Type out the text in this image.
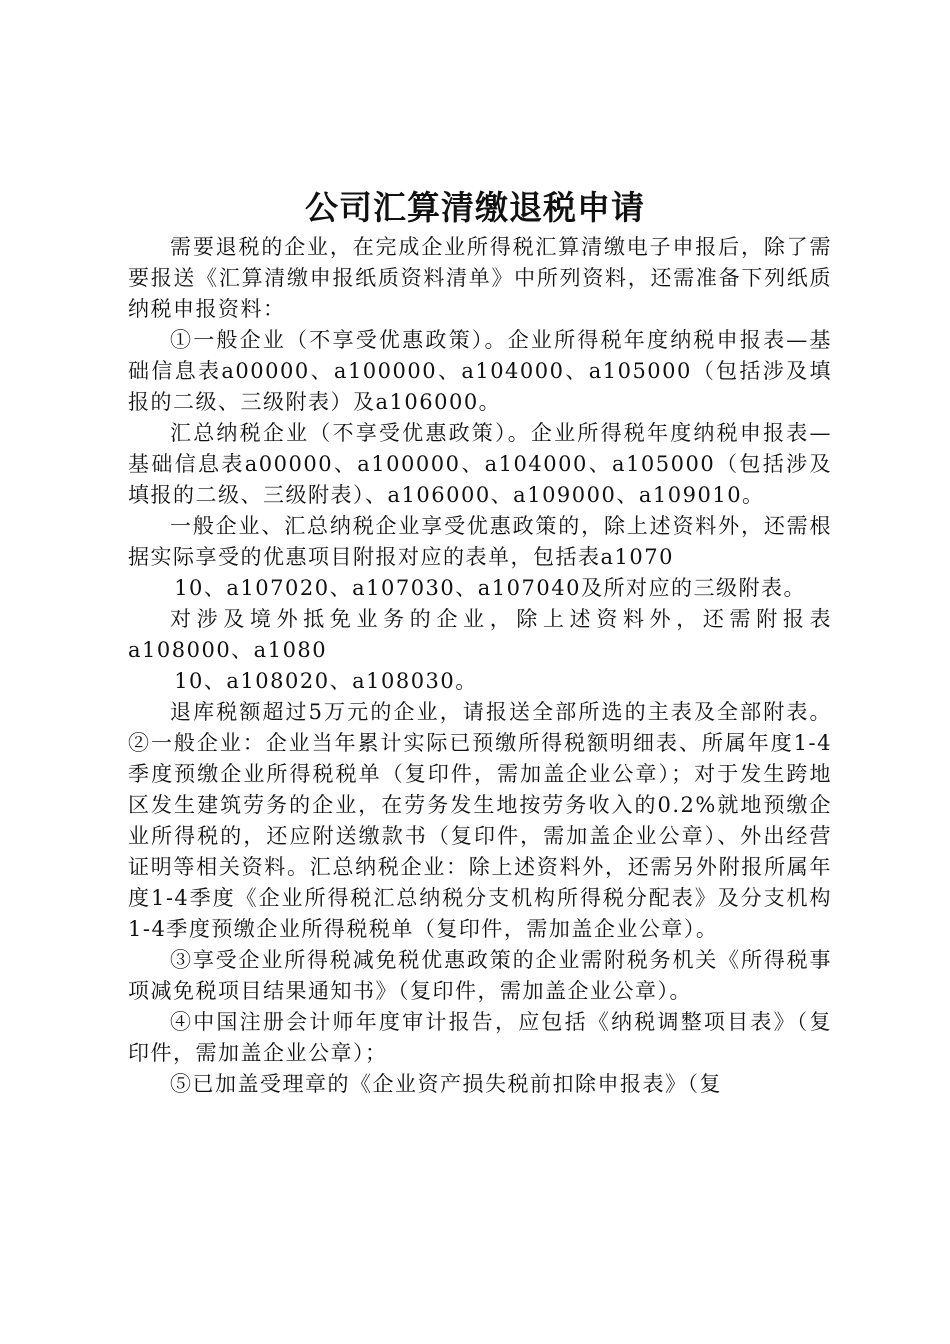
公司汇算清缴退税申请

需要退税的企业，在完成企业所得税汇算清缴电子申报后，除了需要报送《汇算清缴申报纸质资料清单》中所列资料，还需准备下列纸质纳税申报资料：

①一般企业（不享受优惠政策）。企业所得税年度纳税申报表—基础信息表a00000、a100000、a104000、a105000（包括涉及填报的二级、三级附表）及a106000。

汇总纳税企业（不享受优惠政策）。企业所得税年度纳税申报表—基础信息表a00000、a100000、a104000、a105000（包括涉及填报的二级、三级附表）、a106000、a109000、a109010。

一般企业、汇总纳税企业享受优惠政策的，除上述资料外，还需根据实际享受的优惠项目附报对应的表单，包括表a1070

10、a107020、a107030、a107040及所对应的三级附表。

对涉及境外抵免业务的企业，除上述资料外，还需附报表a108000、a1080

10、a108020、a108030。

退库税额超过5万元的企业，请报送全部所选的主表及全部附表。②一般企业：企业当年累计实际已预缴所得税额明细表、所属年度1-4季度预缴企业所得税税单（复印件，需加盖企业公章）；对于发生跨地区发生建筑劳务的企业，在劳务发生地按劳务收入的0.2%就地预缴企业所得税的，还应附送缴款书（复印件，需加盖企业公章）、外出经营证明等相关资料。汇总纳税企业：除上述资料外，还需另外附报所属年度1-4季度《企业所得税汇总纳税分支机构所得税分配表》及分支机构1-4季度预缴企业所得税税单（复印件，需加盖企业公章）。

③享受企业所得税减免税优惠政策的企业需附税务机关《所得税事项减免税项目结果通知书》（复印件，需加盖企业公章）。

④中国注册会计师年度审计报告，应包括《纳税调整项目表》（复印件，需加盖企业公章）；

⑤已加盖受理章的《企业资产损失税前扣除申报表》（复
